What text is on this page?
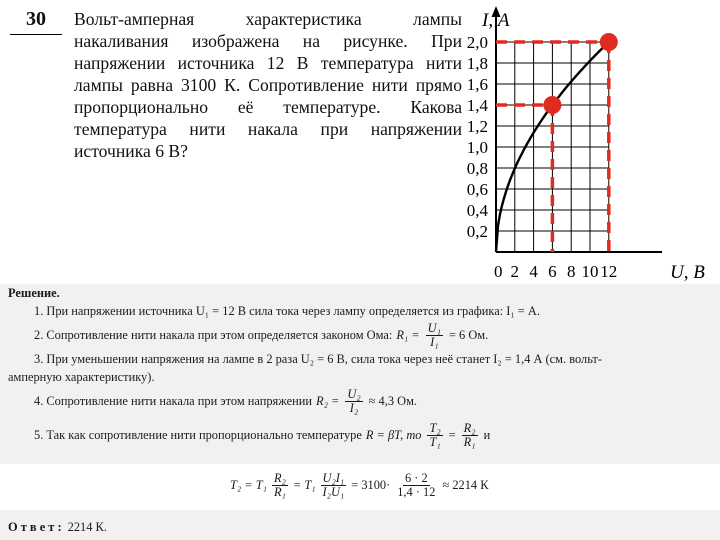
30	Вольт-амперная характеристика лампы накаливания изображена на рисунке. При напряжении источника 12 В температура нити лампы равна 3100 К. Сопротивление нити прямо пропорционально её температуре. Какова температура нити накала при напряжении источника 6 В?

I, А
U, В
0
2,0
1,8
1,6
1,4
1,2
1,0
0,8
0,6
0,4
0,2
2 4 6 8 10 12
Решение.
1. При напряжении источника U₁ = 12 В сила тока через лампу определяется из графика: I₁ = А.
2. Сопротивление нити накала при этом определяется законом Ома: $R_1 = \frac{\text{U₁}}{\text{I₁}} = 6$ Ом.
3. При уменьшении напряжения на лампе в 2 раза U₂ = 6 В, сила тока через неё станет I₂ = 1,4 А (см. вольт-
амперную характеристику).
4. Сопротивление нити накала при этом напряжении $R_2 = \frac{\text{U₂}}{\text{I₂}} \approx 4,3$ Ом.
5. Так как сопротивление нити пропорционально температуре R = βT, то $\frac{\text{T₂}}{\text{T₁}} = \frac{\text{R₂}}{\text{R₁}}$ и
$T_2 = T_1 \frac{\text{R₂}}{\text{R₁}} = T_1 \frac{\text{U₂I₁}}{\text{I₂U₁}} = 3100\cdot \frac{6 \cdot 2}{1,4 \cdot 12} \approx 2214$ К
О т в е т : 2214 К.
